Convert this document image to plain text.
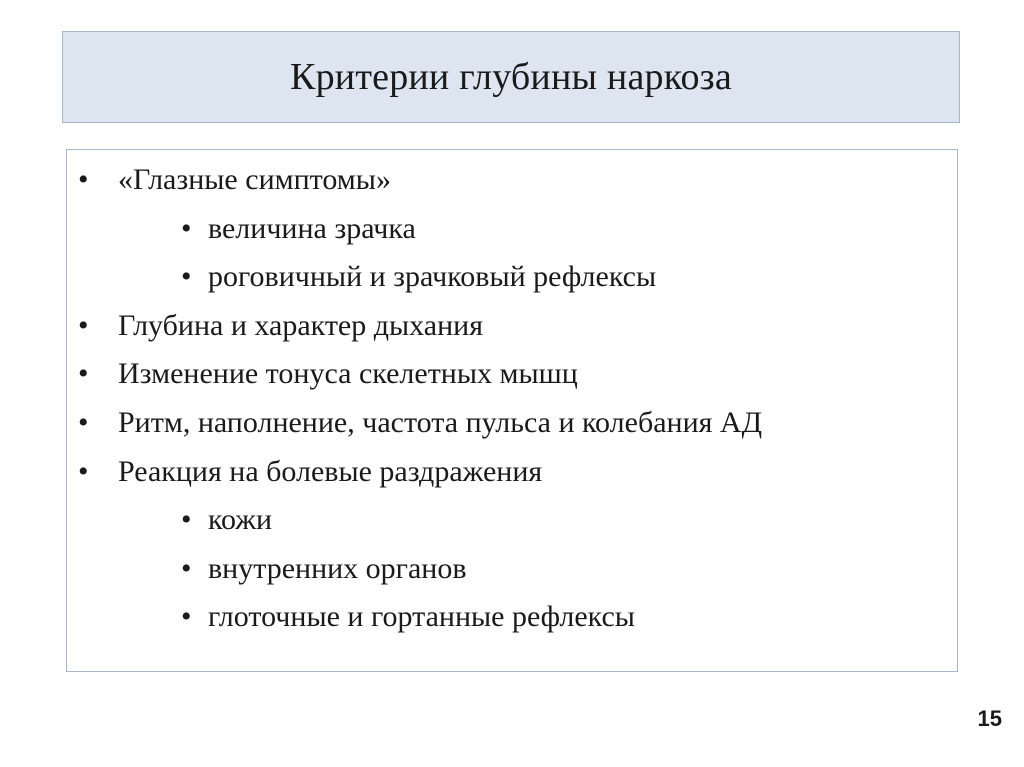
Критерии глубины наркоза
• «Глазные симптомы»
• величина зрачка
• роговичный и зрачковый рефлексы
• Глубина и характер дыхания
• Изменение тонуса скелетных мышц
• Ритм, наполнение, частота пульса и колебания АД
• Реакция на болевые раздражения
• кожи
• внутренних органов
• глоточные и гортанные рефлексы
15
